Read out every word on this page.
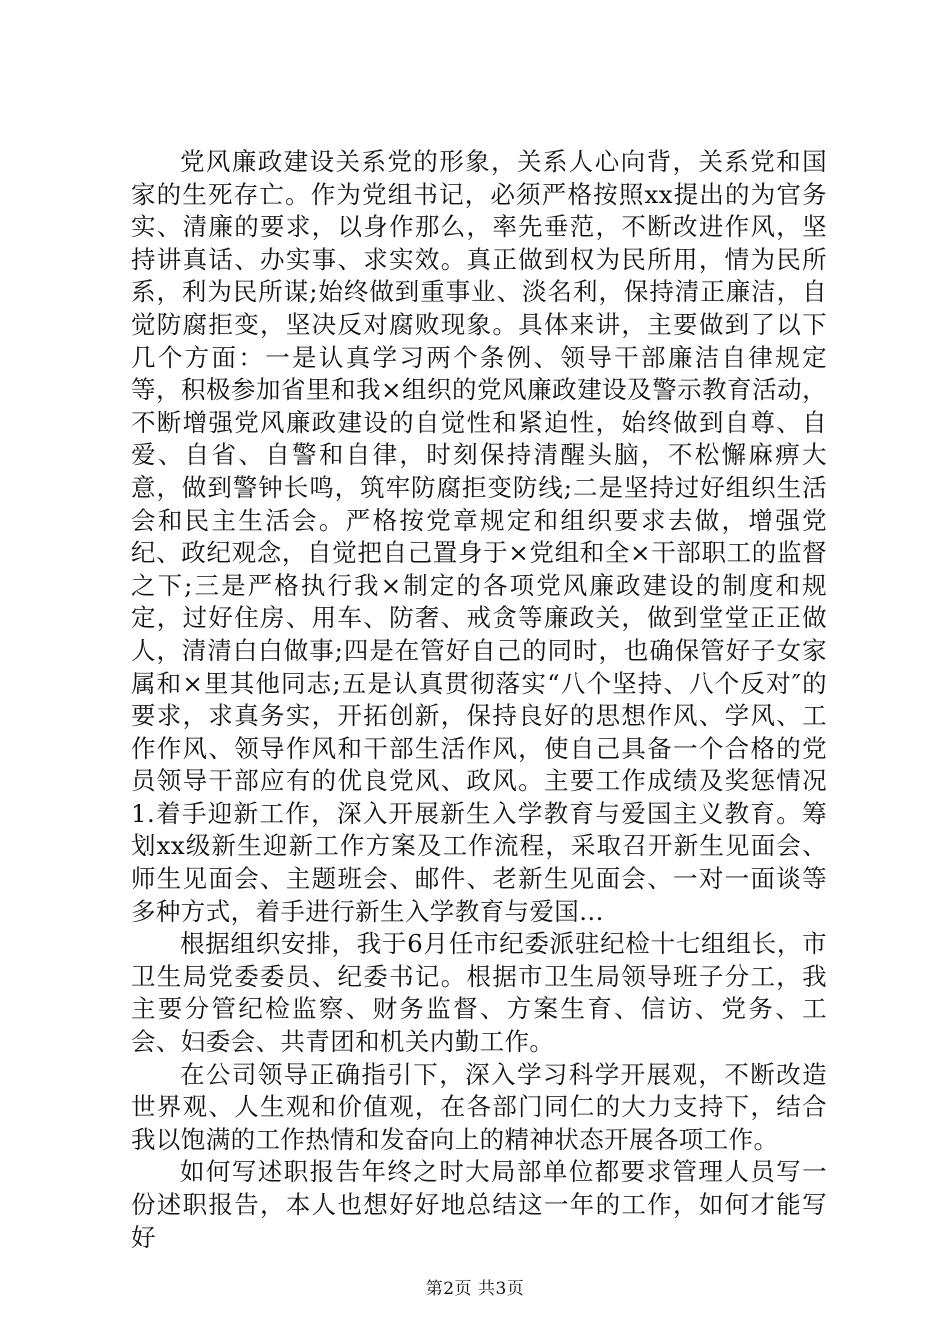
党风廉政建设关系党的形象，关系人心向背，关系党和国家的生死存亡。作为党组书记，必须严格按照xx提出的为官务实、清廉的要求，以身作那么，率先垂范，不断改进作风，坚持讲真话、办实事、求实效。真正做到权为民所用，情为民所系，利为民所谋;始终做到重事业、淡名利，保持清正廉洁，自觉防腐拒变，坚决反对腐败现象。具体来讲，主要做到了以下几个方面：一是认真学习两个条例、领导干部廉洁自律规定等，积极参加省里和我×组织的党风廉政建设及警示教育活动，不断增强党风廉政建设的自觉性和紧迫性，始终做到自尊、自爱、自省、自警和自律，时刻保持清醒头脑，不松懈麻痹大意，做到警钟长鸣，筑牢防腐拒变防线;二是坚持过好组织生活会和民主生活会。严格按党章规定和组织要求去做，增强党纪、政纪观念，自觉把自己置身于×党组和全×干部职工的监督之下;三是严格执行我×制定的各项党风廉政建设的制度和规定，过好住房、用车、防奢、戒贪等廉政关，做到堂堂正正做人，清清白白做事;四是在管好自己的同时，也确保管好子女家属和×里其他同志;五是认真贯彻落实“八个坚持、八个反对″的要求，求真务实，开拓创新，保持良好的思想作风、学风、工作作风、领导作风和干部生活作风，使自己具备一个合格的党员领导干部应有的优良党风、政风。主要工作成绩及奖惩情况1.着手迎新工作，深入开展新生入学教育与爱国主义教育。筹划xx级新生迎新工作方案及工作流程，采取召开新生见面会、师生见面会、主题班会、邮件、老新生见面会、一对一面谈等多种方式，着手进行新生入学教育与爱国...

根据组织安排，我于6月任市纪委派驻纪检十七组组长，市卫生局党委委员、纪委书记。根据市卫生局领导班子分工，我主要分管纪检监察、财务监督、方案生育、信访、党务、工会、妇委会、共青团和机关内勤工作。

在公司领导正确指引下，深入学习科学开展观，不断改造世界观、人生观和价值观，在各部门同仁的大力支持下，结合我以饱满的工作热情和发奋向上的精神状态开展各项工作。

如何写述职报告年终之时大局部单位都要求管理人员写一份述职报告，本人也想好好地总结这一年的工作，如何才能写好

第2页 共3页
